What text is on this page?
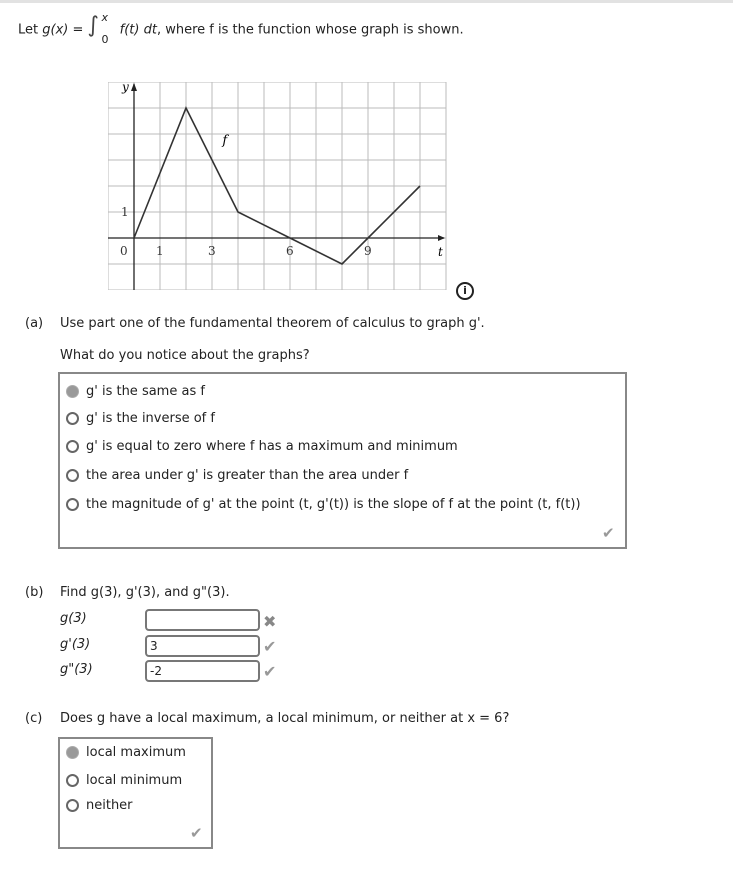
Let g(x) = ∫ x
0
f(t) dt, where f is the function whose graph is shown.
y
t
f
0 1	3	6	9
1
i
(a) Use part one of the fundamental theorem of calculus to graph g'.
What do you notice about the graphs?
g' is the same as f
g' is the inverse of f
g' is equal to zero where f has a maximum and minimum
the area under g' is greater than the area under f
the magnitude of g' at the point (t, g'(t)) is the slope of f at the point (t, f(t))
✔
(b) Find g(3), g'(3), and g"(3).
g(3)	✖
g'(3)	3	✔
g"(3)	-2	✔
(c) Does g have a local maximum, a local minimum, or neither at x = 6?
local maximum
local minimum
neither
✔
